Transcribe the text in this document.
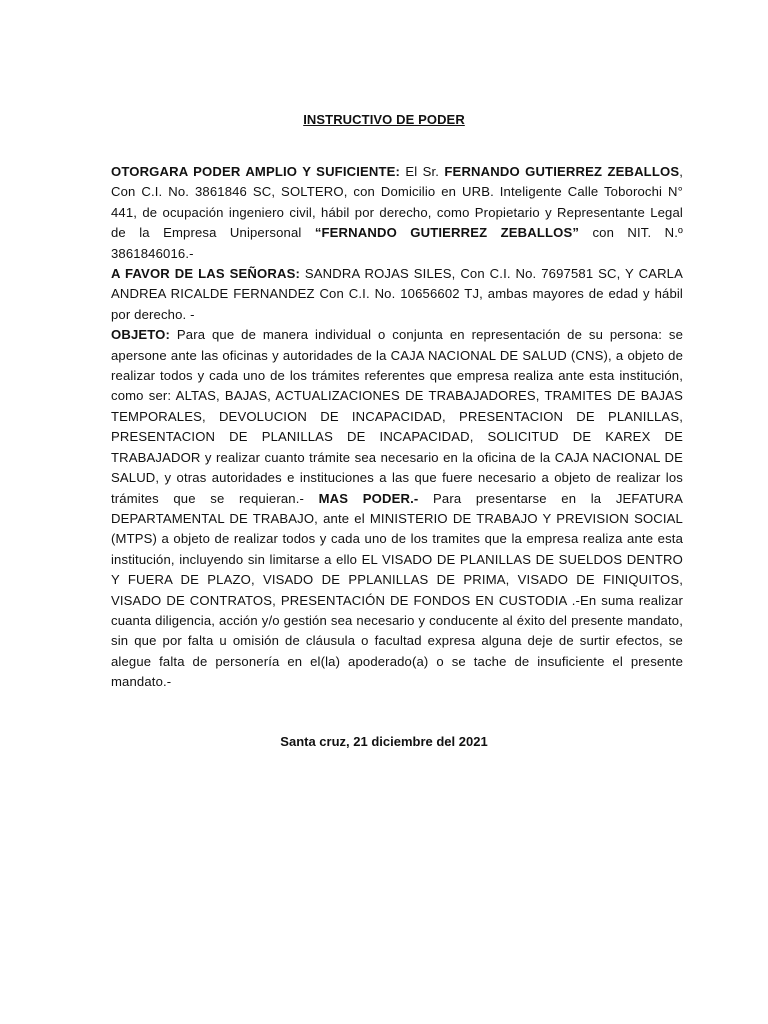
INSTRUCTIVO DE PODER

OTORGARA PODER AMPLIO Y SUFICIENTE: El Sr. FERNANDO GUTIERREZ ZEBALLOS, Con C.I. No. 3861846 SC, SOLTERO, con Domicilio en URB. Inteligente Calle Toborochi N° 441, de ocupación ingeniero civil, hábil por derecho, como Propietario y Representante Legal de la Empresa Unipersonal “FERNANDO GUTIERREZ ZEBALLOS” con NIT. N.º 3861846016.-

A FAVOR DE LAS SEÑORAS: SANDRA ROJAS SILES, Con C.I. No. 7697581 SC, Y CARLA ANDREA RICALDE FERNANDEZ Con C.I. No. 10656602 TJ, ambas mayores de edad y hábil por derecho. -

OBJETO: Para que de manera individual o conjunta en representación de su persona: se apersone ante las oficinas y autoridades de la CAJA NACIONAL DE SALUD (CNS), a objeto de realizar todos y cada uno de los trámites referentes que empresa realiza ante esta institución, como ser: ALTAS, BAJAS, ACTUALIZACIONES DE TRABAJADORES, TRAMITES DE BAJAS TEMPORALES, DEVOLUCION DE INCAPACIDAD, PRESENTACION DE PLANILLAS, PRESENTACION DE PLANILLAS DE INCAPACIDAD, SOLICITUD DE KAREX DE TRABAJADOR y realizar cuanto trámite sea necesario en la oficina de la CAJA NACIONAL DE SALUD, y otras autoridades e instituciones a las que fuere necesario a objeto de realizar los trámites que se requieran.- MAS PODER.- Para presentarse en la JEFATURA DEPARTAMENTAL DE TRABAJO, ante el MINISTERIO DE TRABAJO Y PREVISION SOCIAL (MTPS) a objeto de realizar todos y cada uno de los tramites que la empresa realiza ante esta institución, incluyendo sin limitarse a ello EL VISADO DE PLANILLAS DE SUELDOS DENTRO Y FUERA DE PLAZO, VISADO DE PPLANILLAS DE PRIMA, VISADO DE FINIQUITOS, VISADO DE CONTRATOS, PRESENTACIÓN DE FONDOS EN CUSTODIA .-En suma realizar cuanta diligencia, acción y/o gestión sea necesario y conducente al éxito del presente mandato, sin que por falta u omisión de cláusula o facultad expresa alguna deje de surtir efectos, se alegue falta de personería en el(la) apoderado(a) o se tache de insuficiente el presente mandato.-

Santa cruz, 21 diciembre del 2021
